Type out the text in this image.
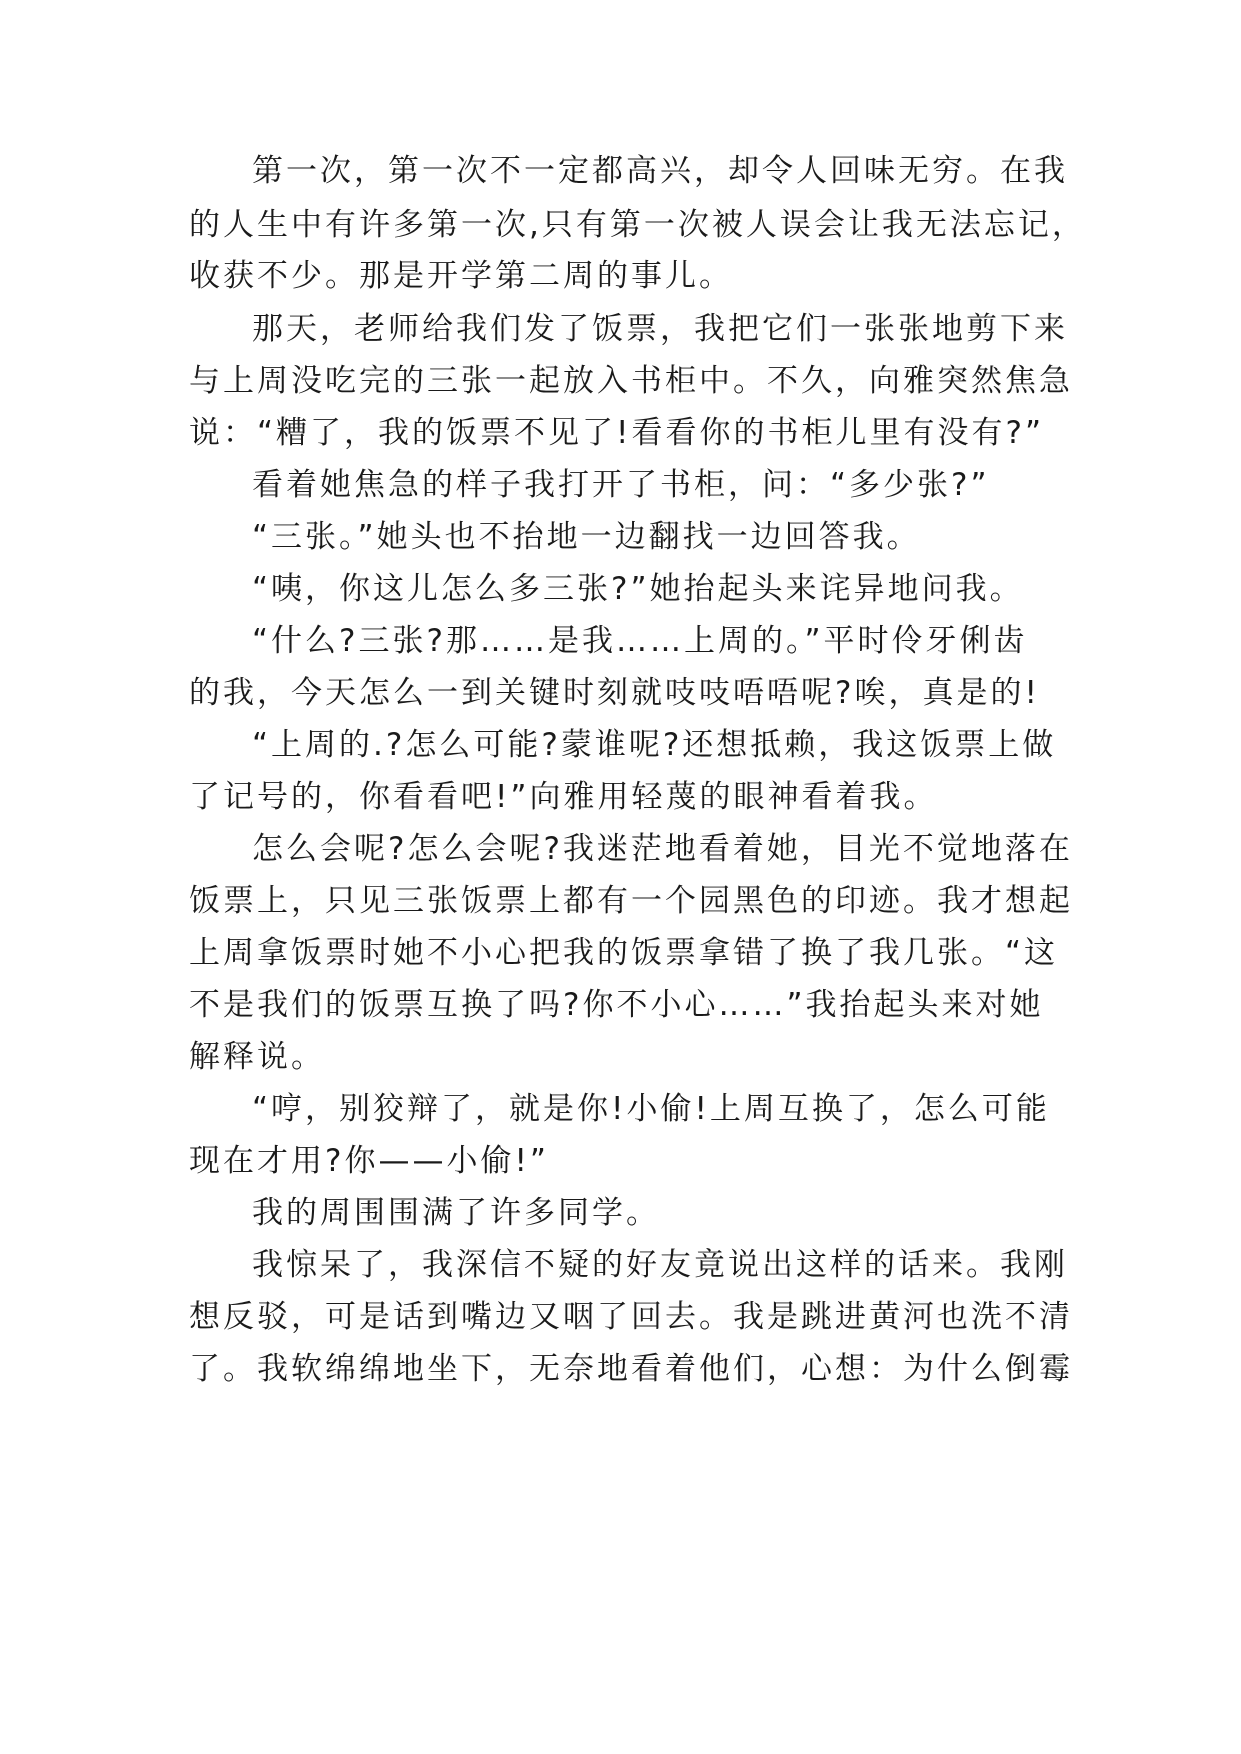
第一次，第一次不一定都高兴，却令人回味无穷。在我
的人生中有许多第一次,只有第一次被人误会让我无法忘记，
收获不少。那是开学第二周的事儿。
那天，老师给我们发了饭票，我把它们一张张地剪下来
与上周没吃完的三张一起放入书柜中。不久，向雅突然焦急
说：“糟了，我的饭票不见了!看看你的书柜儿里有没有?”
看着她焦急的样子我打开了书柜，问：“多少张?”
“三张。”她头也不抬地一边翻找一边回答我。
“咦，你这儿怎么多三张?”她抬起头来诧异地问我。
“什么?三张?那……是我……上周的。”平时伶牙俐齿
的我，今天怎么一到关键时刻就吱吱唔唔呢?唉，真是的!
“上周的.?怎么可能?蒙谁呢?还想抵赖，我这饭票上做
了记号的，你看看吧!”向雅用轻蔑的眼神看着我。
怎么会呢?怎么会呢?我迷茫地看着她，目光不觉地落在
饭票上，只见三张饭票上都有一个园黑色的印迹。我才想起
上周拿饭票时她不小心把我的饭票拿错了换了我几张。“这
不是我们的饭票互换了吗?你不小心……”我抬起头来对她
解释说。
“哼，别狡辩了，就是你!小偷!上周互换了，怎么可能
现在才用?你——小偷!”
我的周围围满了许多同学。
我惊呆了，我深信不疑的好友竟说出这样的话来。我刚
想反驳，可是话到嘴边又咽了回去。我是跳进黄河也洗不清
了。我软绵绵地坐下，无奈地看着他们，心想：为什么倒霉
